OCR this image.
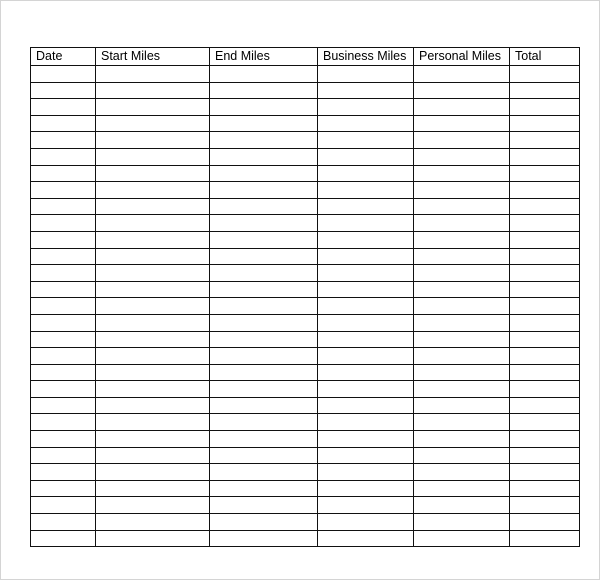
Date	Start Miles	End Miles	Business Miles	Personal Miles	Total
